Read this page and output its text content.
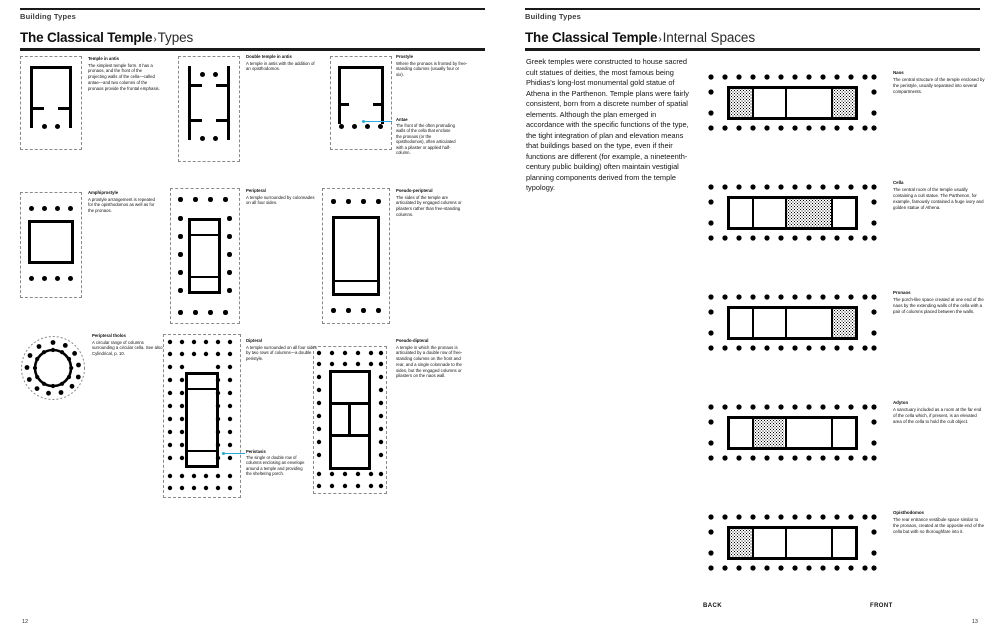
Building Types
The Classical Temple›Types
Temple in antis
The simplest temple form. It has a pronaos, and the front of the projecting walls of the cella—called antae—and two columns of the pronaos provide the frontal emphasis.
Double temple in antis
A temple in antis with the addition of an opisthodomos.
Prostyle
Where the pronaos is fronted by free-standing columns (usually four or six).
Antae
The front of the often protruding walls of the cella that enclose the pronaos (or the opisthodomos), often articulated with a pilaster or applied half-column.
Amphiprostyle
A prostyle arrangement is repeated for the opisthodomos as well as for the pronaos.
Peripteral
A temple surrounded by colonnades on all four sides.
Pseudo-peripteral
The sides of the temple are articulated by engaged columns or pilasters rather than free-standing columns.
Peripteral tholos
A circular range of columns surrounding a circular cella. See also Cylindrical, p. 10.
Dipteral
A temple surrounded on all four sides by two rows of columns—a double peristyle.
Peristasis
The single or double row of columns enclosing an envelope around a temple and providing the sheltering porch.
Pseudo-dipteral
A temple in which the pronaos is articulated by a double row of free-standing columns on the front and rear, and a single colonnade to the sides, but the engaged columns or pilasters on the naos wall.
12
Building Types
The Classical Temple›Internal Spaces
Greek temples were constructed to house sacred cult statues of deities, the most famous being Phidias's long-lost monumental gold statue of Athena in the Parthenon. Temple plans were fairly consistent, born from a discrete number of spatial elements. Although the plan emerged in accordance with the specific functions of the type, the tight integration of plan and elevation means that buildings based on the type, even if their functions are different (for example, a nineteenth-century public building) often maintain vestigial planning components derived from the temple typology.
Naos
The central structure of the temple enclosed by the peristyle, usually separated into several compartments.
Cella
The central room of the temple usually containing a cult statue. The Parthenon, for example, famously contained a huge ivory and golden statue of Athena.
Pronaos
The porch-like space created at one end of the naos by the extending walls of the cella with a pair of columns placed between the walls.
Adyton
A sanctuary included as a room at the far end of the cella which, if present, is an elevated area of the cella to hold the cult object.
Opisthodomos
The rear entrance vestibule space similar to the pronaos, created at the opposite end of the cella but with no thoroughfare into it.
BACK	FRONT
13
